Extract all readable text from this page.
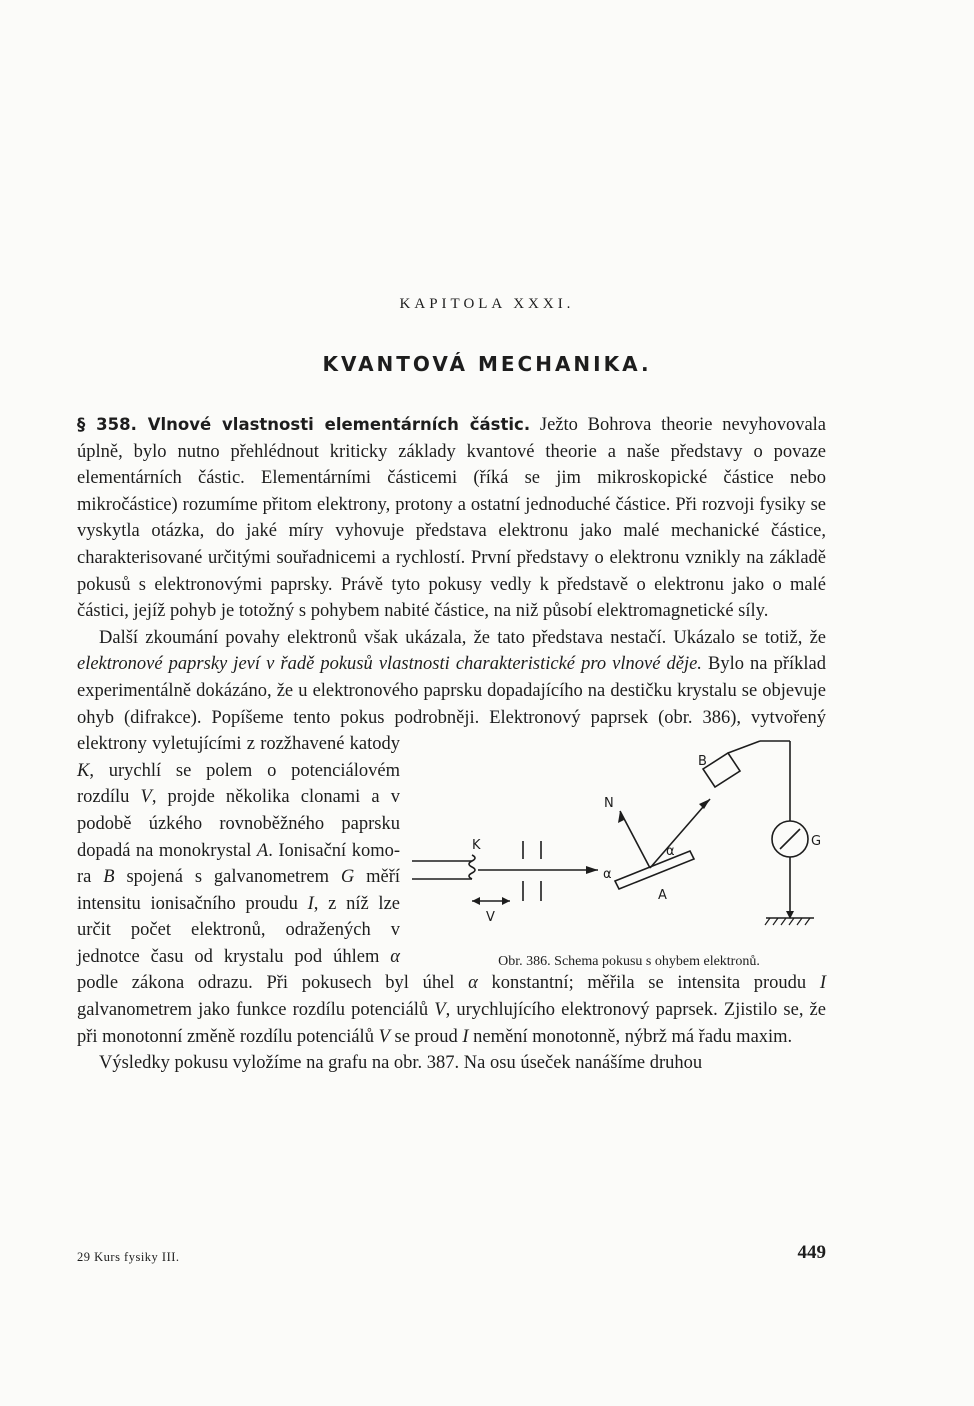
KAPITOLA XXXI.
KVANTOVÁ MECHANIKA.

§ 358. Vlnové vlastnosti elementárních částic. Ježto Bohrova theorie nevyhovovala úplně, bylo nutno přehlédnout kriticky základy kvantové theorie a naše představy o povaze elementárních částic. Elementárními částicemi (říká se jim mikroskopické částice nebo mikročástice) rozumíme přitom elektrony, protony a ostatní jednoduché částice. Při rozvoji fysiky se vyskytla otázka, do jaké míry vyhovuje představa elektronu jako malé mechanické částice, charakterisované určitými souřadnicemi a rychlostí. První představy o elektronu vznikly na základě pokusů s elektronovými paprsky. Právě tyto pokusy vedly k představě o elektronu jako o malé částici, jejíž pohyb je totožný s pohybem nabité částice, na niž působí elektromagnetické síly.

Další zkoumání povahy elektronů však ukázala, že tato představa nestačí. Ukázalo se totiž, že elektronové paprsky jeví v řadě pokusů vlastnosti charakteristické pro vlnové děje. Bylo na příklad experimentálně dokázáno, že u elektronového paprsku dopadajícího na destičku krystalu se objevuje ohyb (difrakce). Popíšeme tento pokus podrobněji. Elektronový paprsek (obr. 386), vytvořený elektrony vyletujícími z rozžhavené katody
K
V
N
B
G
A
α
α
Obr. 386. Schema pokusu s ohybem elektronů.
K, urychlí se polem o potenciálovém rozdílu V, projde několika clonami a v podobě úzkého rovnoběžného paprsku dopadá na monokrystal A. Ionisační komora B spojená s galvanometrem G měří intensitu ionisačního proudu I, z níž lze určit počet elektronů, odražených v jednotce času od krystalu pod úhlem α podle zákona odrazu. Při pokusech byl úhel α konstantní; měřila se intensita proudu I galvanometrem jako funkce rozdílu potenciálů V, urychlujícího elektronový paprsek. Zjistilo se, že při monotonní změně rozdílu potenciálů V se proud I nemění monotonně, nýbrž má řadu maxim.

Výsledky pokusu vyložíme na grafu na obr. 387. Na osu úseček nanášíme druhou

29 Kurs fysiky III.	449
